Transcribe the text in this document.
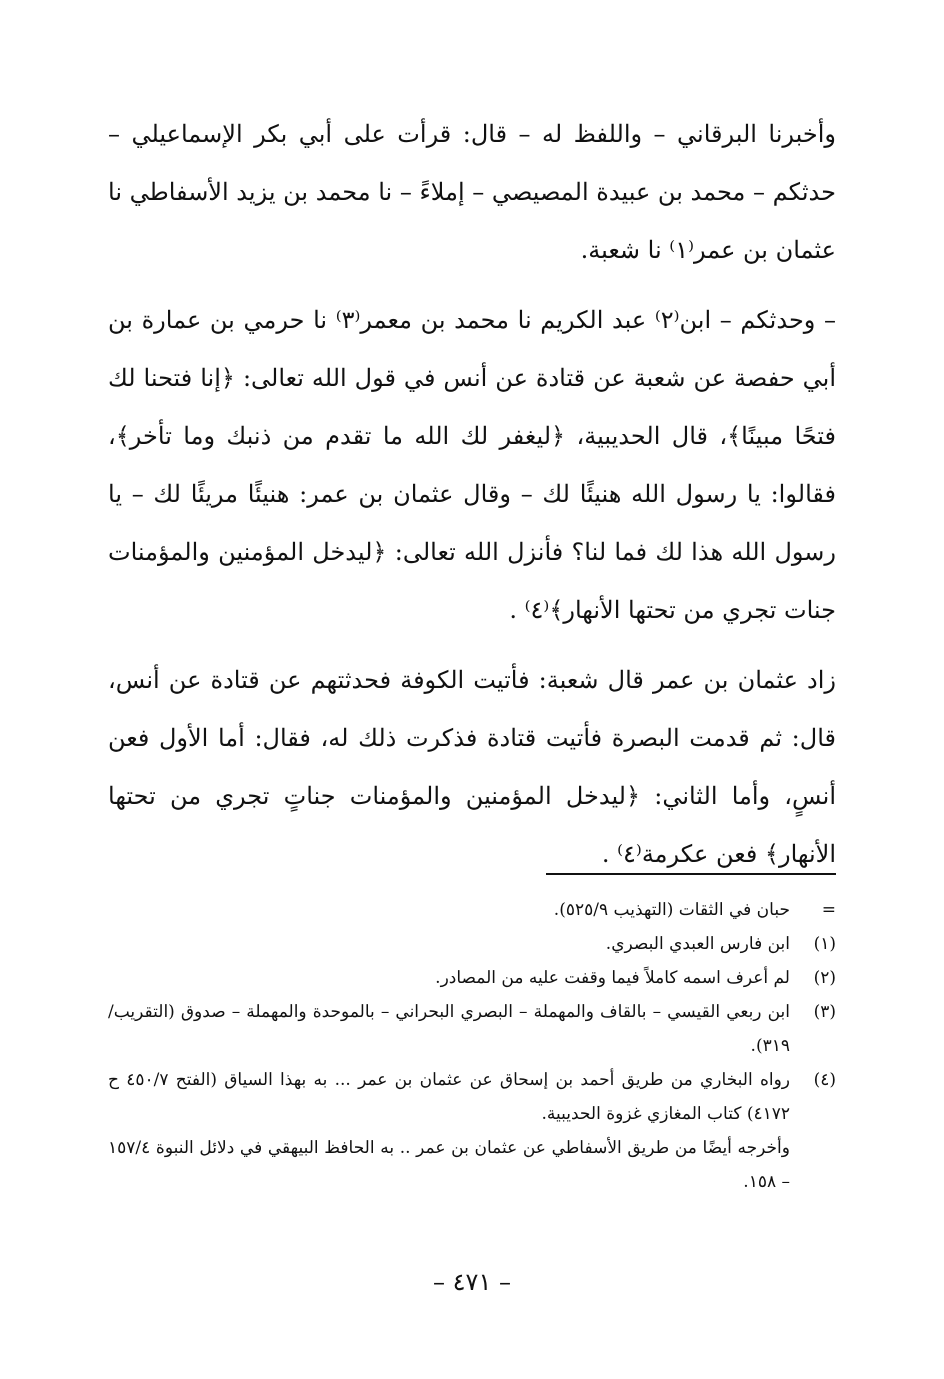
وأخبرنا البرقاني – واللفظ له – قال: قرأت على أبي بكر الإسماعيلي – حدثكم – محمد بن عبيدة المصيصي – إملاءً – نا محمد بن يزيد الأسفاطي نا عثمان بن عمر⁽١⁾ نا شعبة.

– وحدثكم – ابن⁽٢⁾ عبد الكريم نا محمد بن معمر⁽٣⁾ نا حرمي بن عمارة بن أبي حفصة عن شعبة عن قتادة عن أنس في قول الله تعالى: ﴿إنا فتحنا لك فتحًا مبينًا﴾، قال الحديبية، ﴿ليغفر لك الله ما تقدم من ذنبك وما تأخر﴾، فقالوا: يا رسول الله هنيئًا لك – وقال عثمان بن عمر: هنيئًا مريئًا لك – يا رسول الله هذا لك فما لنا؟ فأنزل الله تعالى: ﴿ليدخل المؤمنين والمؤمنات جنات تجري من تحتها الأنهار﴾⁽٤⁾ .

زاد عثمان بن عمر قال شعبة: فأتيت الكوفة فحدثتهم عن قتادة عن أنس، قال: ثم قدمت البصرة فأتيت قتادة فذكرت ذلك له، فقال: أما الأول فعن أنسٍ، وأما الثاني: ﴿ليدخل المؤمنين والمؤمنات جناتٍ تجري من تحتها الأنهار﴾ فعن عكرمة⁽٤⁾ .

=
حبان في الثقات (التهذيب ٥٢٥/٩).
(١)
ابن فارس العبدي البصري.
(٢)
لم أعرف اسمه كاملاً فيما وقفت عليه من المصادر.
(٣)
ابن ربعي القيسي – بالقاف والمهملة – البصري البحراني – بالموحدة والمهملة – صدوق (التقريب/٣١٩).
(٤)
رواه البخاري من طريق أحمد بن إسحاق عن عثمان بن عمر ... به بهذا السياق (الفتح ٤٥٠/٧ ح ٤١٧٢) كتاب المغازي غزوة الحديبية.
وأخرجه أيضًا من طريق الأسفاطي عن عثمان بن عمر .. به الحافظ البيهقي في دلائل النبوة ١٥٧/٤ – ١٥٨.
– ٤٧١ –
